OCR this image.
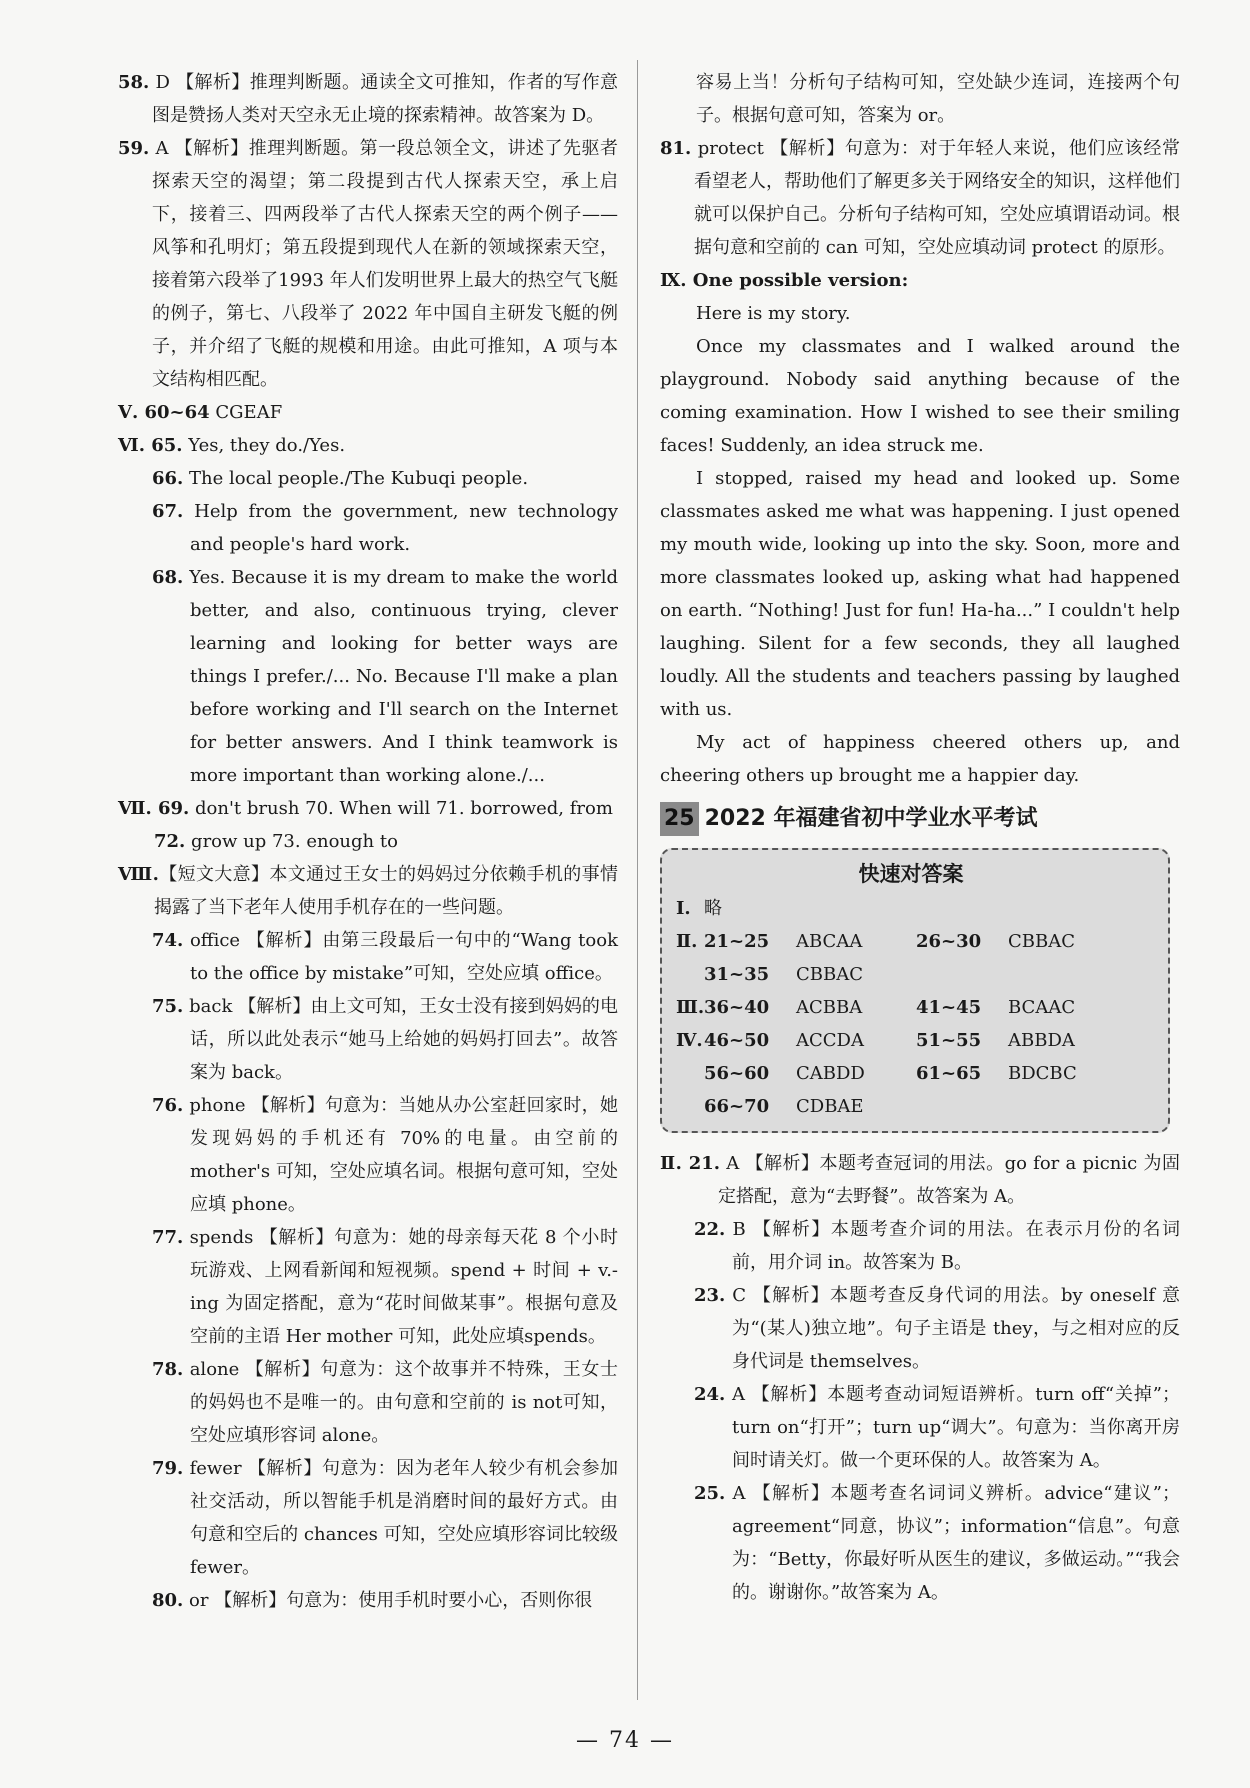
58. D 【解析】推理判断题。通读全文可推知，作者的写作意图是赞扬人类对天空永无止境的探索精神。故答案为 D。

59. A 【解析】推理判断题。第一段总领全文，讲述了先驱者探索天空的渴望；第二段提到古代人探索天空，承上启下，接着三、四两段举了古代人探索天空的两个例子——风筝和孔明灯；第五段提到现代人在新的领域探索天空，接着第六段举了1993 年人们发明世界上最大的热空气飞艇的例子，第七、八段举了 2022 年中国自主研发飞艇的例子，并介绍了飞艇的规模和用途。由此可推知，A 项与本文结构相匹配。

Ⅴ. 60~64 CGEAF

Ⅵ. 65. Yes, they do./Yes.

66. The local people./The Kubuqi people.

67. Help from the government, new technology and people's hard work.

68. Yes. Because it is my dream to make the world better, and also, continuous trying, clever learning and looking for better ways are things I prefer./... No. Because I'll make a plan before working and I'll search on the Internet for better answers. And I think teamwork is more important than working alone./...

Ⅶ. 69. don't brush 70. When will 71. borrowed, from

72. grow up 73. enough to

Ⅷ.【短文大意】本文通过王女士的妈妈过分依赖手机的事情揭露了当下老年人使用手机存在的一些问题。

74. office 【解析】由第三段最后一句中的“Wang took to the office by mistake”可知，空处应填 office。

75. back 【解析】由上文可知，王女士没有接到妈妈的电话，所以此处表示“她马上给她的妈妈打回去”。故答案为 back。

76. phone 【解析】句意为：当她从办公室赶回家时，她发现妈妈的手机还有 70%的电量。由空前的mother's 可知，空处应填名词。根据句意可知，空处应填 phone。

77. spends 【解析】句意为：她的母亲每天花 8 个小时玩游戏、上网看新闻和短视频。spend + 时间 + v.-ing 为固定搭配，意为“花时间做某事”。根据句意及空前的主语 Her mother 可知，此处应填spends。

78. alone 【解析】句意为：这个故事并不特殊，王女士的妈妈也不是唯一的。由句意和空前的 is not可知，空处应填形容词 alone。

79. fewer 【解析】句意为：因为老年人较少有机会参加社交活动，所以智能手机是消磨时间的最好方式。由句意和空后的 chances 可知，空处应填形容词比较级 fewer。

80. or 【解析】句意为：使用手机时要小心，否则你很

容易上当！分析句子结构可知，空处缺少连词，连接两个句子。根据句意可知，答案为 or。

81. protect 【解析】句意为：对于年轻人来说，他们应该经常看望老人，帮助他们了解更多关于网络安全的知识，这样他们就可以保护自己。分析句子结构可知，空处应填谓语动词。根据句意和空前的 can 可知，空处应填动词 protect 的原形。

Ⅸ. One possible version:

Here is my story.

Once my classmates and I walked around the playground. Nobody said anything because of the coming examination. How I wished to see their smiling faces! Suddenly, an idea struck me.

I stopped, raised my head and looked up. Some classmates asked me what was happening. I just opened my mouth wide, looking up into the sky. Soon, more and more classmates looked up, asking what had happened on earth. “Nothing! Just for fun! Ha-ha...” I couldn't help laughing. Silent for a few seconds, they all laughed loudly. All the students and teachers passing by laughed with us.

My act of happiness cheered others up, and cheering others up brought me a happier day.

25 2022 年福建省初中学业水平考试
快速对答案
Ⅰ. 略
Ⅱ. 21~25	ABCAA	26~30	CBBAC
31~35	CBBAC
Ⅲ. 36~40	ACBBA	41~45	BCAAC
Ⅳ. 46~50	ACCDA	51~55	ABBDA
56~60	CABDD	61~65	BDCBC
66~70	CDBAE

Ⅱ. 21. A 【解析】本题考查冠词的用法。go for a picnic 为固定搭配，意为“去野餐”。故答案为 A。

22. B 【解析】本题考查介词的用法。在表示月份的名词前，用介词 in。故答案为 B。

23. C 【解析】本题考查反身代词的用法。by oneself 意为“(某人)独立地”。句子主语是 they，与之相对应的反身代词是 themselves。

24. A 【解析】本题考查动词短语辨析。turn off“关掉”；turn on“打开”；turn up“调大”。句意为：当你离开房间时请关灯。做一个更环保的人。故答案为 A。

25. A 【解析】本题考查名词词义辨析。advice“建议”；agreement“同意，协议”；information“信息”。句意为：“Betty，你最好听从医生的建议，多做运动。”“我会的。谢谢你。”故答案为 A。

— 74 —
